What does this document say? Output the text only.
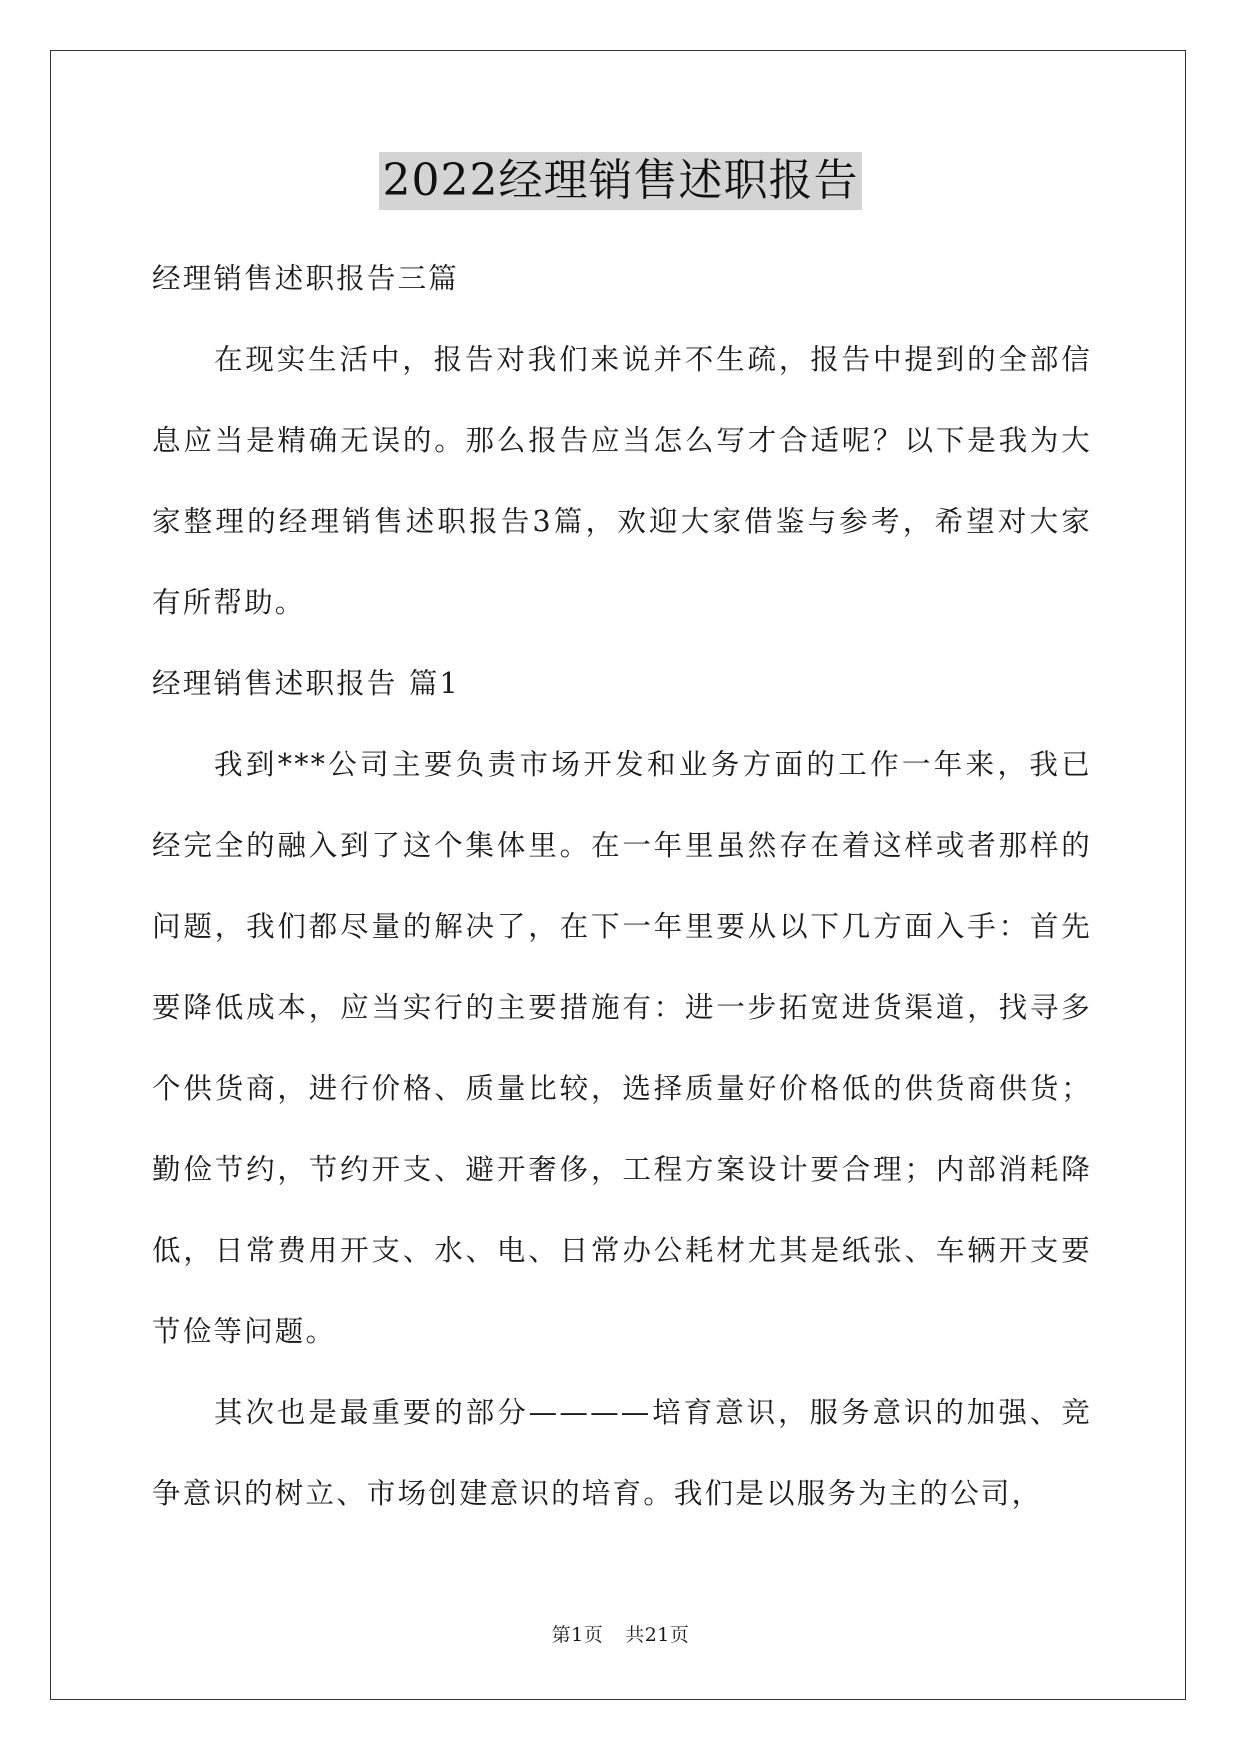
2022经理销售述职报告

经理销售述职报告三篇

在现实生活中，报告对我们来说并不生疏，报告中提到的全部信息应当是精确无误的。那么报告应当怎么写才合适呢？以下是我为大家整理的经理销售述职报告3篇，欢迎大家借鉴与参考，希望对大家有所帮助。

经理销售述职报告 篇1

我到***公司主要负责市场开发和业务方面的工作一年来，我已经完全的融入到了这个集体里。在一年里虽然存在着这样或者那样的问题，我们都尽量的解决了，在下一年里要从以下几方面入手：首先要降低成本，应当实行的主要措施有：进一步拓宽进货渠道，找寻多个供货商，进行价格、质量比较，选择质量好价格低的供货商供货；勤俭节约，节约开支、避开奢侈，工程方案设计要合理；内部消耗降低，日常费用开支、水、电、日常办公耗材尤其是纸张、车辆开支要节俭等问题。

其次也是最重要的部分————培育意识，服务意识的加强、竞争意识的树立、市场创建意识的培育。我们是以服务为主的公司，

第1页 共21页
